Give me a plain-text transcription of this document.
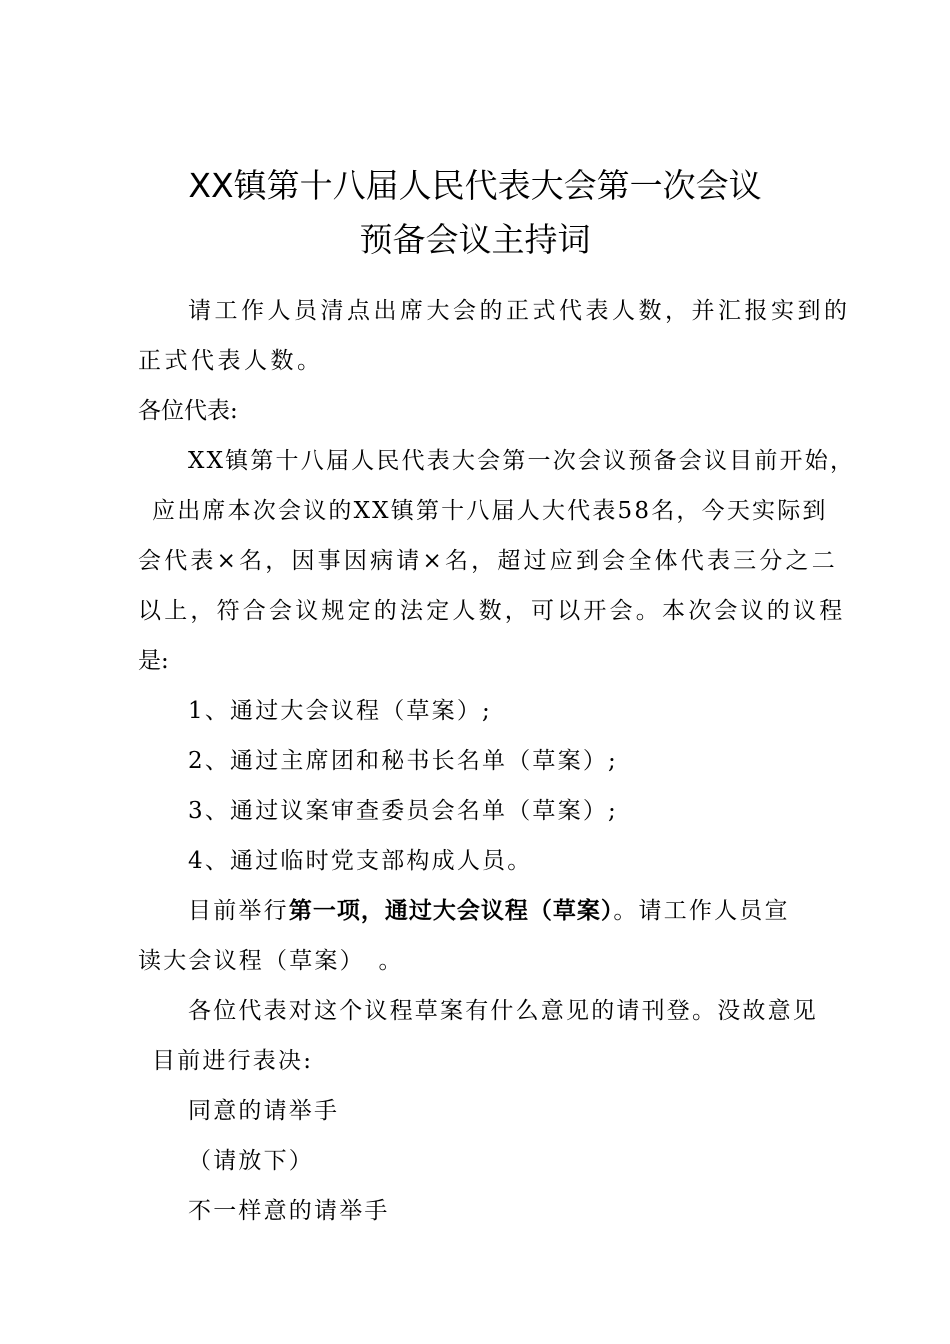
XX镇第十八届人民代表大会第一次会议
预备会议主持词

请工作人员清点出席大会的正式代表人数，并汇报实到的

正式代表人数。

各位代表:

XX镇第十八届人民代表大会第一次会议预备会议目前开始，

应出席本次会议的XX镇第十八届人大代表58名，今天实际到

会代表×名，因事因病请×名，超过应到会全体代表三分之二

以上，符合会议规定的法定人数，可以开会。本次会议的议程

是:

1、通过大会议程（草案）;

2、通过主席团和秘书长名单（草案）;

3、通过议案审查委员会名单（草案）;

4、通过临时党支部构成人员。

目前举行第一项，通过大会议程（草案）。请工作人员宣

读大会议程（草案）　。

各位代表对这个议程草案有什么意见的请刊登。没故意见

目前进行表决:

同意的请举手

（请放下）

不一样意的请举手
